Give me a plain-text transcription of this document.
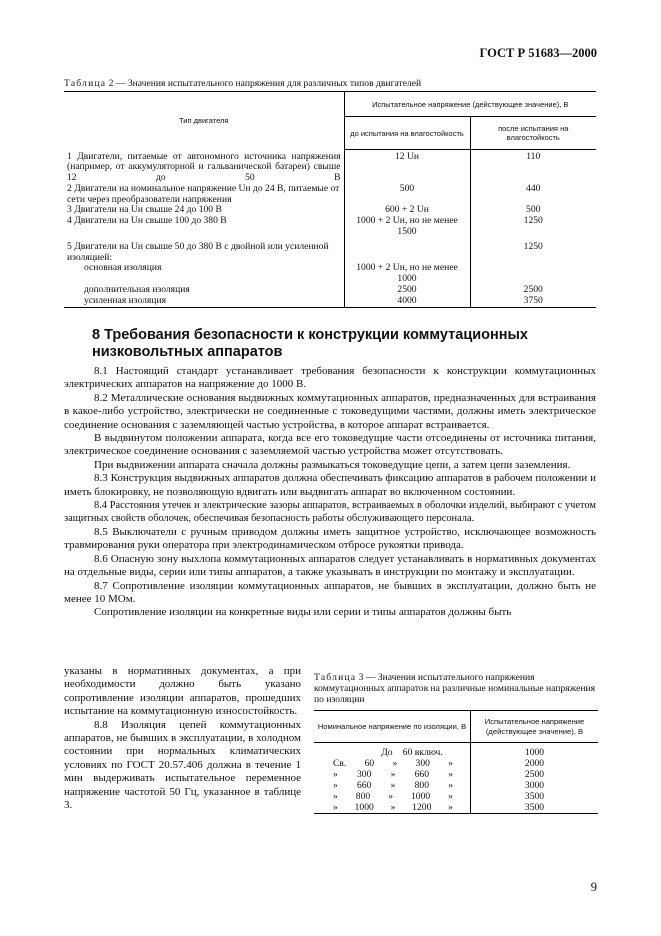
ГОСТ Р 51683—2000
Таблица 2 — Значения испытательного напряжения для различных типов двигателей
Тип двигателя	Испытательное напряжение (действующее значение), В	
	до испытания на влагостойкость	после испытания на влагостойкость
1 Двигатели, питаемые от автономного источника напряжения (например, от аккумуляторной и гальванической батареи) свыше 12 до 50 В	12 Uн	110
2 Двигатели на номинальное напряжение Uн до 24 В, питаемые от сети через преобразователи напряжения	500	440
3 Двигатели на Uн свыше 24 до 100 В	600 + 2 Uн	500
4 Двигатели на Uн свыше 100 до 380 В	1000 + 2 Uн, но не менее 1500	1250
5 Двигатели на Uн свыше 50 до 380 В с двойной или усиленной изоляцией:		1250
основная изоляция	1000 + 2 Uн, но не менее 1000	
дополнительная изоляция	2500	2500
усиленная изоляция	4000	3750
8 Требования безопасности к конструкции коммутационных низковольтных аппаратов

8.1 Настоящий стандарт устанавливает требования безопасности к конструкции коммутационных электрических аппаратов на напряжение до 1000 В.

8.2 Металлические основания выдвижных коммутационных аппаратов, предназначенных для встраивания в какое-либо устройство, электрически не соединенные с токоведущими частями, должны иметь электрическое соединение основания с заземляющей частью устройства, в которое аппарат встраивается.

В выдвинутом положении аппарата, когда все его токоведущие части отсоединены от источника питания, электрическое соединение основания с заземляемой частью устройства может отсутствовать.

При выдвижении аппарата сначала должны размыкаться токоведущие цепи, а затем цепи заземления.

8.3 Конструкция выдвижных аппаратов должна обеспечивать фиксацию аппаратов в рабочем положении и иметь блокировку, не позволяющую вдвигать или выдвигать аппарат во включенном состоянии.

8.4 Расстояния утечек и электрические зазоры аппаратов, встраиваемых в оболочки изделий, выбирают с учетом защитных свойств оболочек, обеспечивая безопасность работы обслуживающего персонала.

8.5 Выключатели с ручным приводом должны иметь защитное устройство, исключающее возможность травмирования руки оператора при электродинамическом отбросе рукоятки привода.

8.6 Опасную зону выхлопа коммутационных аппаратов следует устанавливать в нормативных документах на отдельные виды, серии или типы аппаратов, а также указывать в инструкции по монтажу и эксплуатации.

8.7 Сопротивление изоляции коммутационных аппаратов, не бывших в эксплуатации, должно быть не менее 10 МОм.

Сопротивление изоляции на конкретные виды или серии и типы аппаратов должны быть

указаны в нормативных документах, а при необходимости должно быть указано сопротивление изоляции аппаратов, прошедших испытание на коммутационную износостойкость.

8.8 Изоляция цепей коммутационных аппаратов, не бывших в эксплуатации, в холодном состоянии при нормальных климатических условиях по ГОСТ 20.57.406 должна в течение 1 мин выдерживать испытательное переменное напряжение частотой 50 Гц, указанное в таблице 3.

Таблица 3 — Значения испытательного напряжения коммутационных аппаратов на различные номинальные напряжения по изоляции
Номинальное напряжение по изоляции, В	Испытательное напряжение (действующее значение), В

До 60 включ.	1000

Св. 60 » 300 »	2000

» 300 » 660 »	2500

» 660 » 800 »	3000

» 800 » 1000 »	3500

» 1000 » 1200 »	3500
9
